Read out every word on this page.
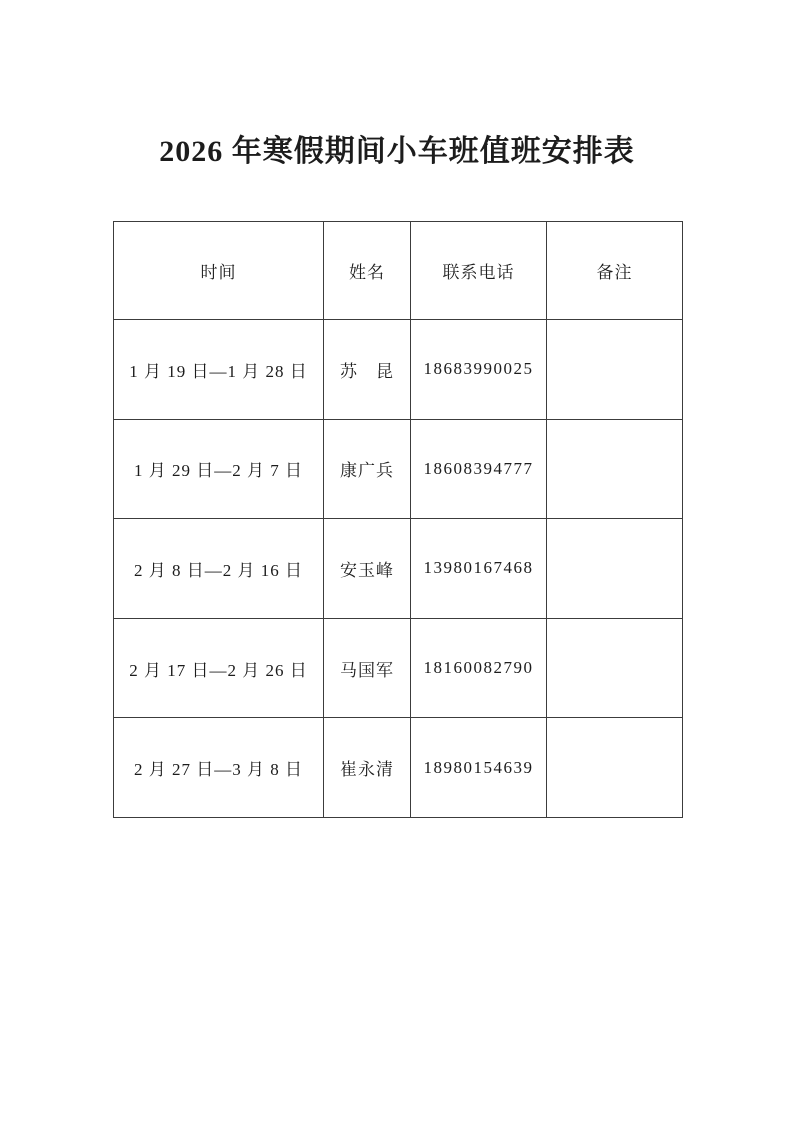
2026 年寒假期间小车班值班安排表
时间	姓名	联系电话	备注
1 月 19 日—1 月 28 日	苏　昆	18683990025	
1 月 29 日—2 月 7 日	康广兵	18608394777	
2 月 8 日—2 月 16 日	安玉峰	13980167468	
2 月 17 日—2 月 26 日	马国军	18160082790	
2 月 27 日—3 月 8 日	崔永清	18980154639	
